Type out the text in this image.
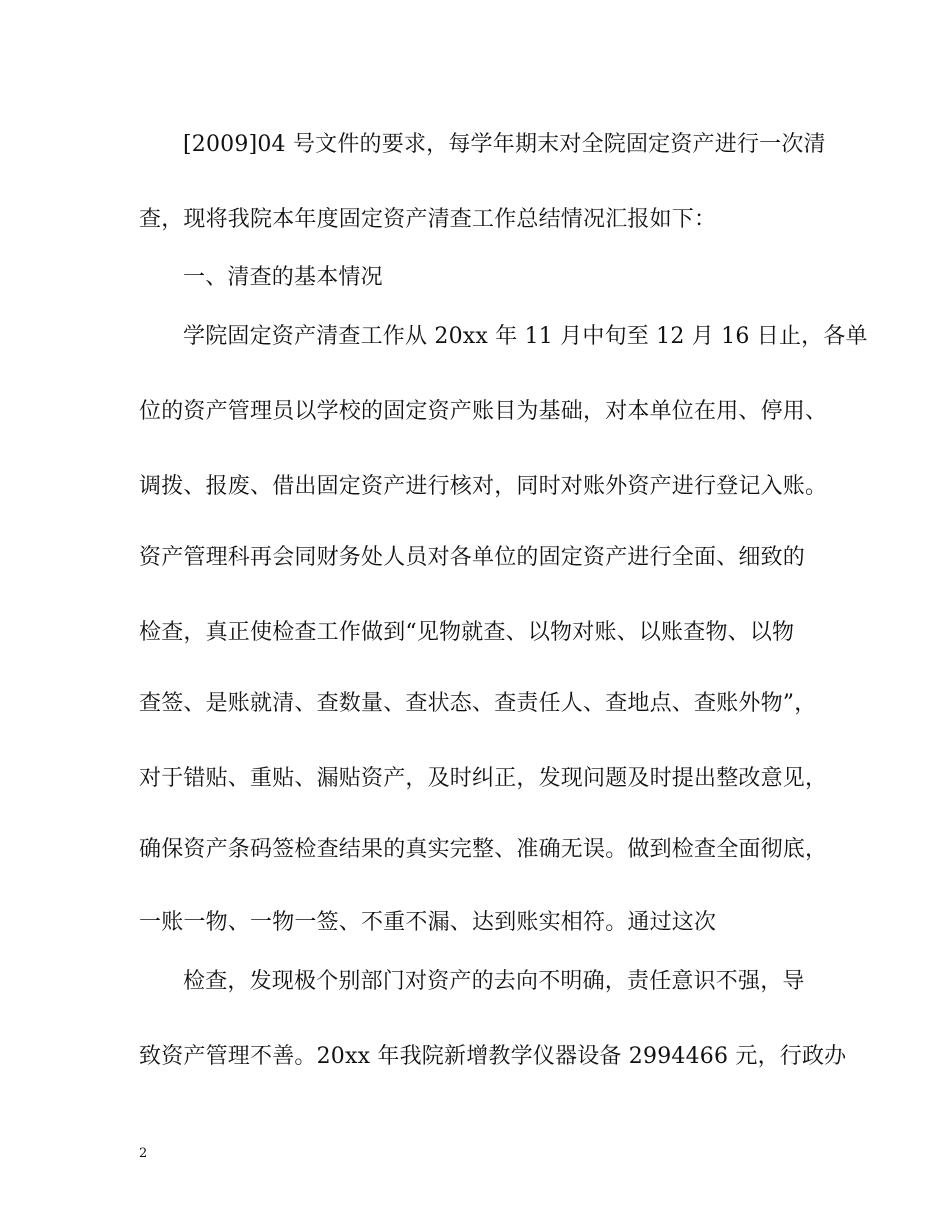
[2009]04 号文件的要求，每学年期末对全院固定资产进行一次清
查，现将我院本年度固定资产清查工作总结情况汇报如下：
一、清查的基本情况
学院固定资产清查工作从 20xx 年 11 月中旬至 12 月 16 日止，各单
位的资产管理员以学校的固定资产账目为基础，对本单位在用、停用、
调拨、报废、借出固定资产进行核对，同时对账外资产进行登记入账。
资产管理科再会同财务处人员对各单位的固定资产进行全面、细致的
检查，真正使检查工作做到“见物就查、以物对账、以账查物、以物
查签、是账就清、查数量、查状态、查责任人、查地点、查账外物”，
对于错贴、重贴、漏贴资产，及时纠正，发现问题及时提出整改意见，
确保资产条码签检查结果的真实完整、准确无误。做到检查全面彻底，
一账一物、一物一签、不重不漏、达到账实相符。通过这次
检查，发现极个别部门对资产的去向不明确，责任意识不强，导
致资产管理不善。20xx 年我院新增教学仪器设备 2994466 元，行政办
2
